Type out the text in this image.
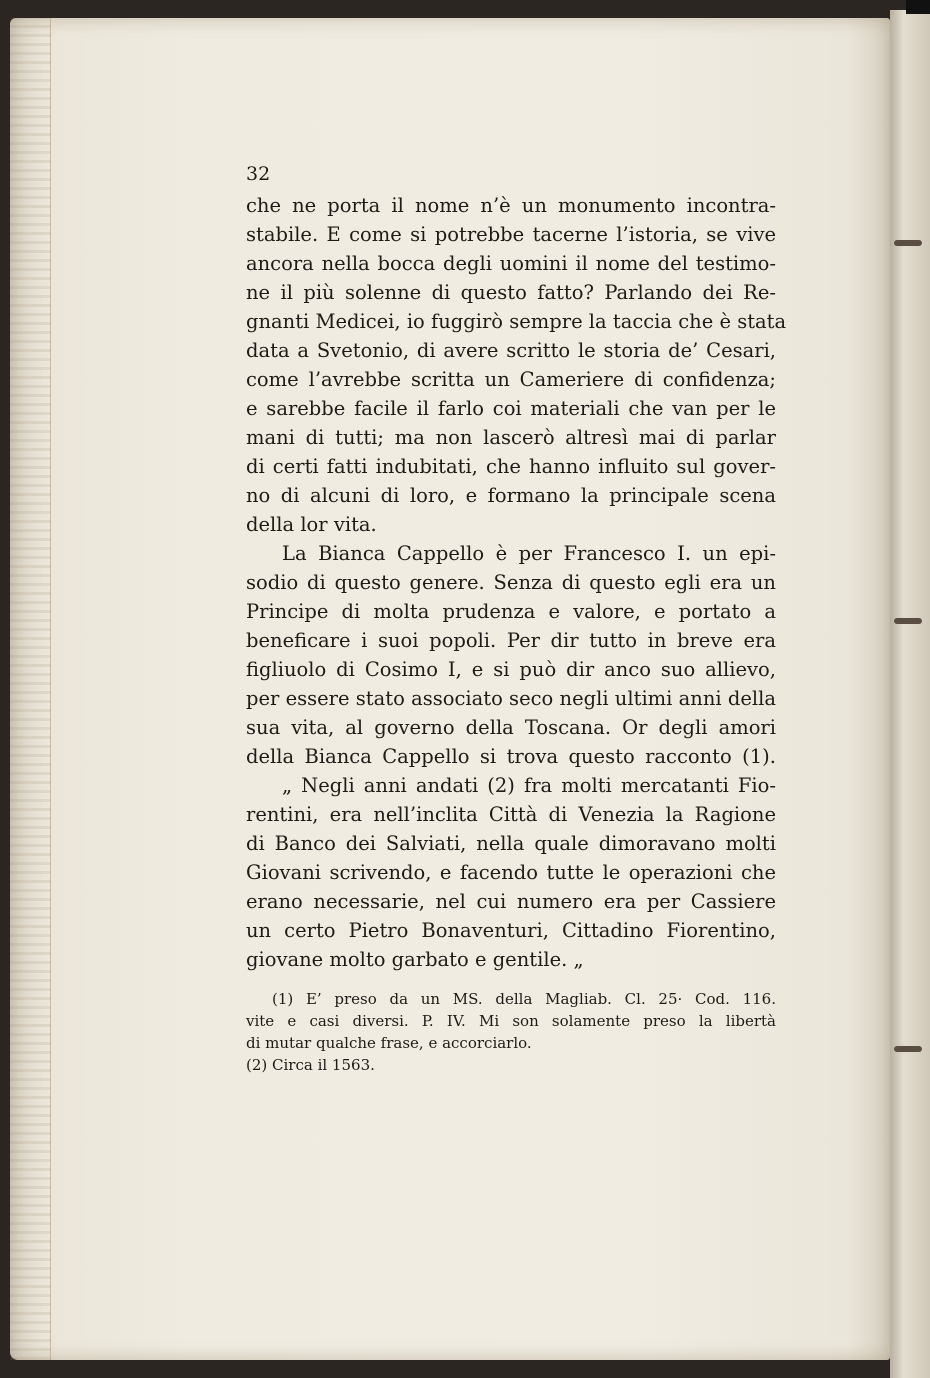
32
che ne porta il nome n’è un monumento incontra-
stabile. E come si potrebbe tacerne l’istoria, se vive
ancora nella bocca degli uomini il nome del testimo-
ne il più solenne di questo fatto? Parlando dei Re-
gnanti Medicei, io fuggirò sempre la taccia che è stata
data a Svetonio, di avere scritto le storia de’ Cesari,
come l’avrebbe scritta un Cameriere di confidenza;
e sarebbe facile il farlo coi materiali che van per le
mani di tutti; ma non lascerò altresì mai di parlar
di certi fatti indubitati, che hanno influito sul gover-
no di alcuni di loro, e formano la principale scena
della lor vita.
La Bianca Cappello è per Francesco I. un epi-
sodio di questo genere. Senza di questo egli era un
Principe di molta prudenza e valore, e portato a
beneficare i suoi popoli. Per dir tutto in breve era
figliuolo di Cosimo I, e si può dir anco suo allievo,
per essere stato associato seco negli ultimi anni della
sua vita, al governo della Toscana. Or degli amori
della Bianca Cappello si trova questo racconto (1).
„ Negli anni andati (2) fra molti mercatanti Fio-
rentini, era nell’inclita Città di Venezia la Ragione
di Banco dei Salviati, nella quale dimoravano molti
Giovani scrivendo, e facendo tutte le operazioni che
erano necessarie, nel cui numero era per Cassiere
un certo Pietro Bonaventuri, Cittadino Fiorentino,
giovane molto garbato e gentile. „
(1) E’ preso da un MS. della Magliab. Cl. 25· Cod. 116.
vite e casi diversi. P. IV. Mi son solamente preso la libertà
di mutar qualche frase, e accorciarlo.
(2) Circa il 1563.
